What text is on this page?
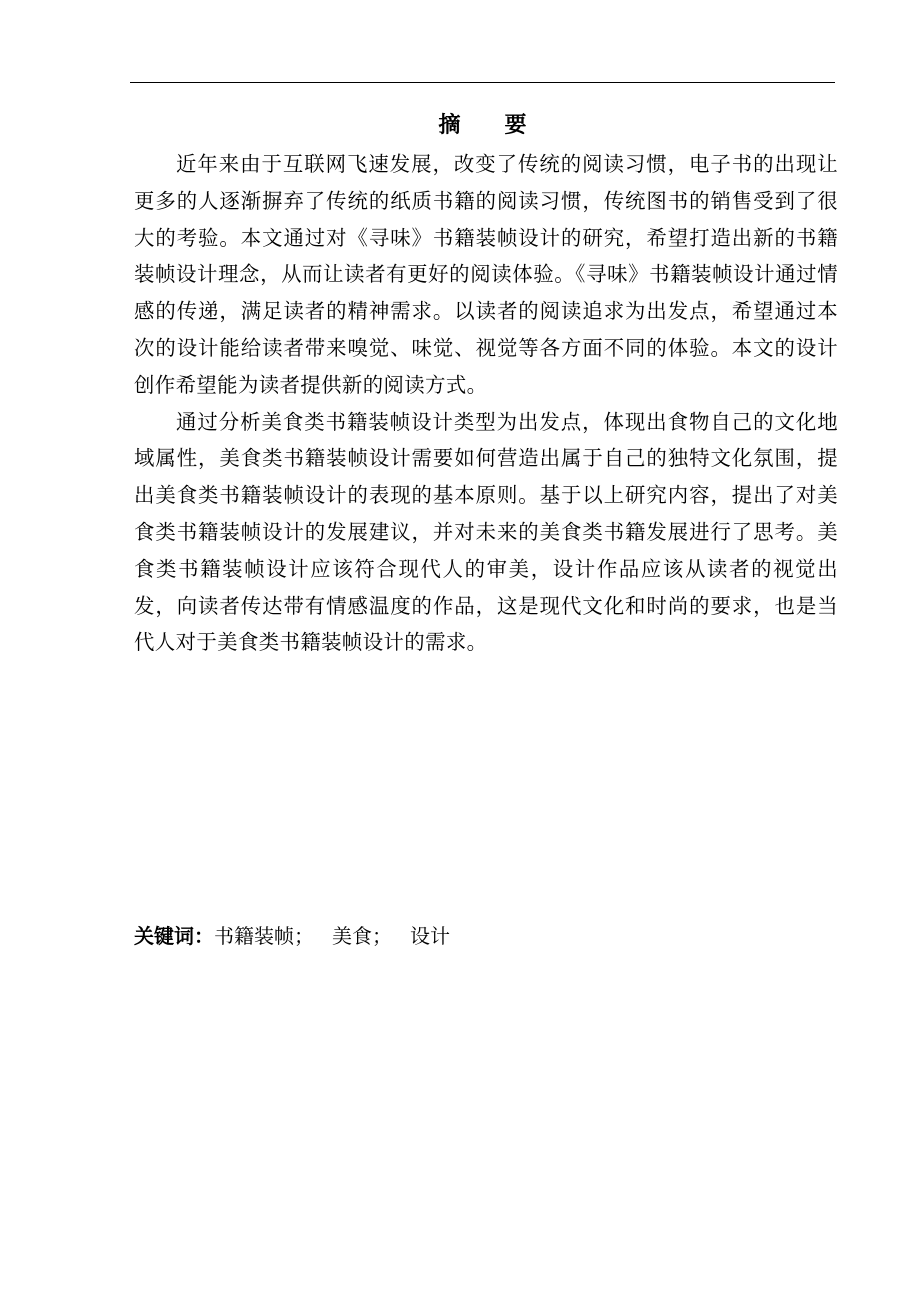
摘 要

近年来由于互联网飞速发展，改变了传统的阅读习惯，电子书的出现让更多的人逐渐摒弃了传统的纸质书籍的阅读习惯，传统图书的销售受到了很大的考验。本文通过对《寻味》书籍装帧设计的研究，希望打造出新的书籍装帧设计理念，从而让读者有更好的阅读体验。《寻味》书籍装帧设计通过情感的传递，满足读者的精神需求。以读者的阅读追求为出发点，希望通过本次的设计能给读者带来嗅觉、味觉、视觉等各方面不同的体验。本文的设计创作希望能为读者提供新的阅读方式。

通过分析美食类书籍装帧设计类型为出发点，体现出食物自己的文化地域属性，美食类书籍装帧设计需要如何营造出属于自己的独特文化氛围，提出美食类书籍装帧设计的表现的基本原则。基于以上研究内容，提出了对美食类书籍装帧设计的发展建议，并对未来的美食类书籍发展进行了思考。美食类书籍装帧设计应该符合现代人的审美，设计作品应该从读者的视觉出发，向读者传达带有情感温度的作品，这是现代文化和时尚的要求，也是当代人对于美食类书籍装帧设计的需求。

关键词：书籍装帧； 美食； 设计
